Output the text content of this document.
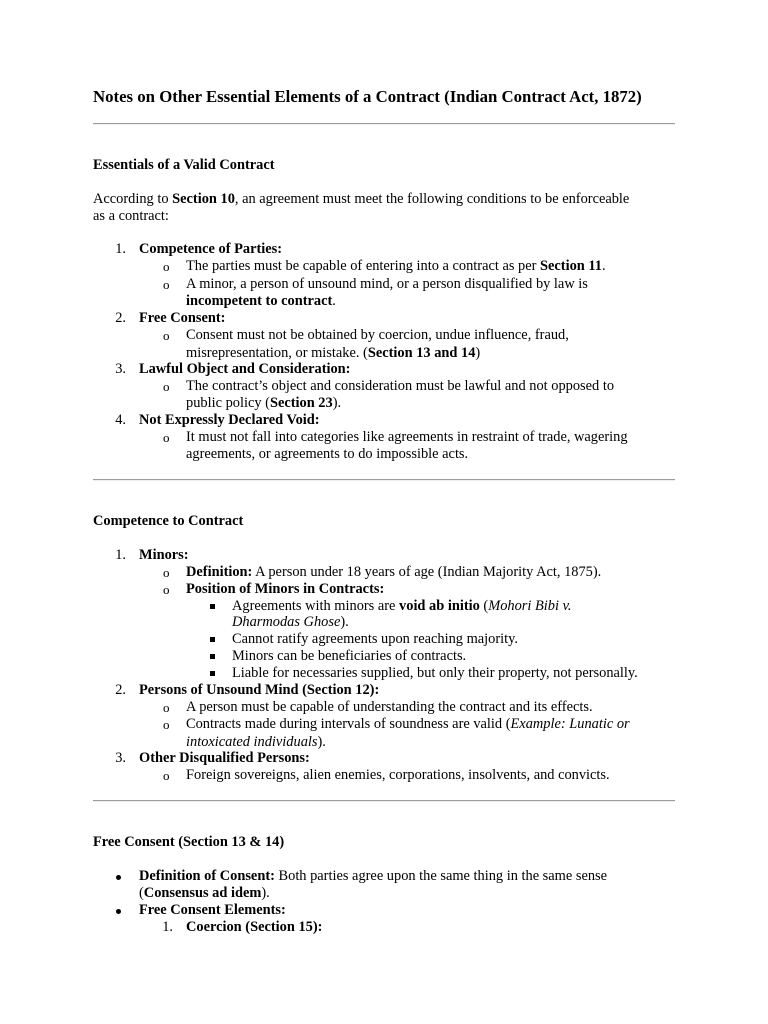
Notes on Other Essential Elements of a Contract (Indian Contract Act, 1872)
Essentials of a Valid Contract
According to Section 10, an agreement must meet the following conditions to be enforceable
as a contract:
1. Competence of Parties:
o The parties must be capable of entering into a contract as per Section 11.
o A minor, a person of unsound mind, or a person disqualified by law is
incompetent to contract.
2. Free Consent:
o Consent must not be obtained by coercion, undue influence, fraud,
misrepresentation, or mistake. (Section 13 and 14)
3. Lawful Object and Consideration:
o The contract’s object and consideration must be lawful and not opposed to
public policy (Section 23).
4. Not Expressly Declared Void:
o It must not fall into categories like agreements in restraint of trade, wagering
agreements, or agreements to do impossible acts.
Competence to Contract
1. Minors:
o Definition: A person under 18 years of age (Indian Majority Act, 1875).
o Position of Minors in Contracts:
Agreements with minors are void ab initio (Mohori Bibi v.
Dharmodas Ghose).
Cannot ratify agreements upon reaching majority.
Minors can be beneficiaries of contracts.
Liable for necessaries supplied, but only their property, not personally.
2. Persons of Unsound Mind (Section 12):
o A person must be capable of understanding the contract and its effects.
o Contracts made during intervals of soundness are valid (Example: Lunatic or
intoxicated individuals).
3. Other Disqualified Persons:
o Foreign sovereigns, alien enemies, corporations, insolvents, and convicts.
Free Consent (Section 13 & 14)
Definition of Consent: Both parties agree upon the same thing in the same sense
(Consensus ad idem).
Free Consent Elements:
1. Coercion (Section 15):
